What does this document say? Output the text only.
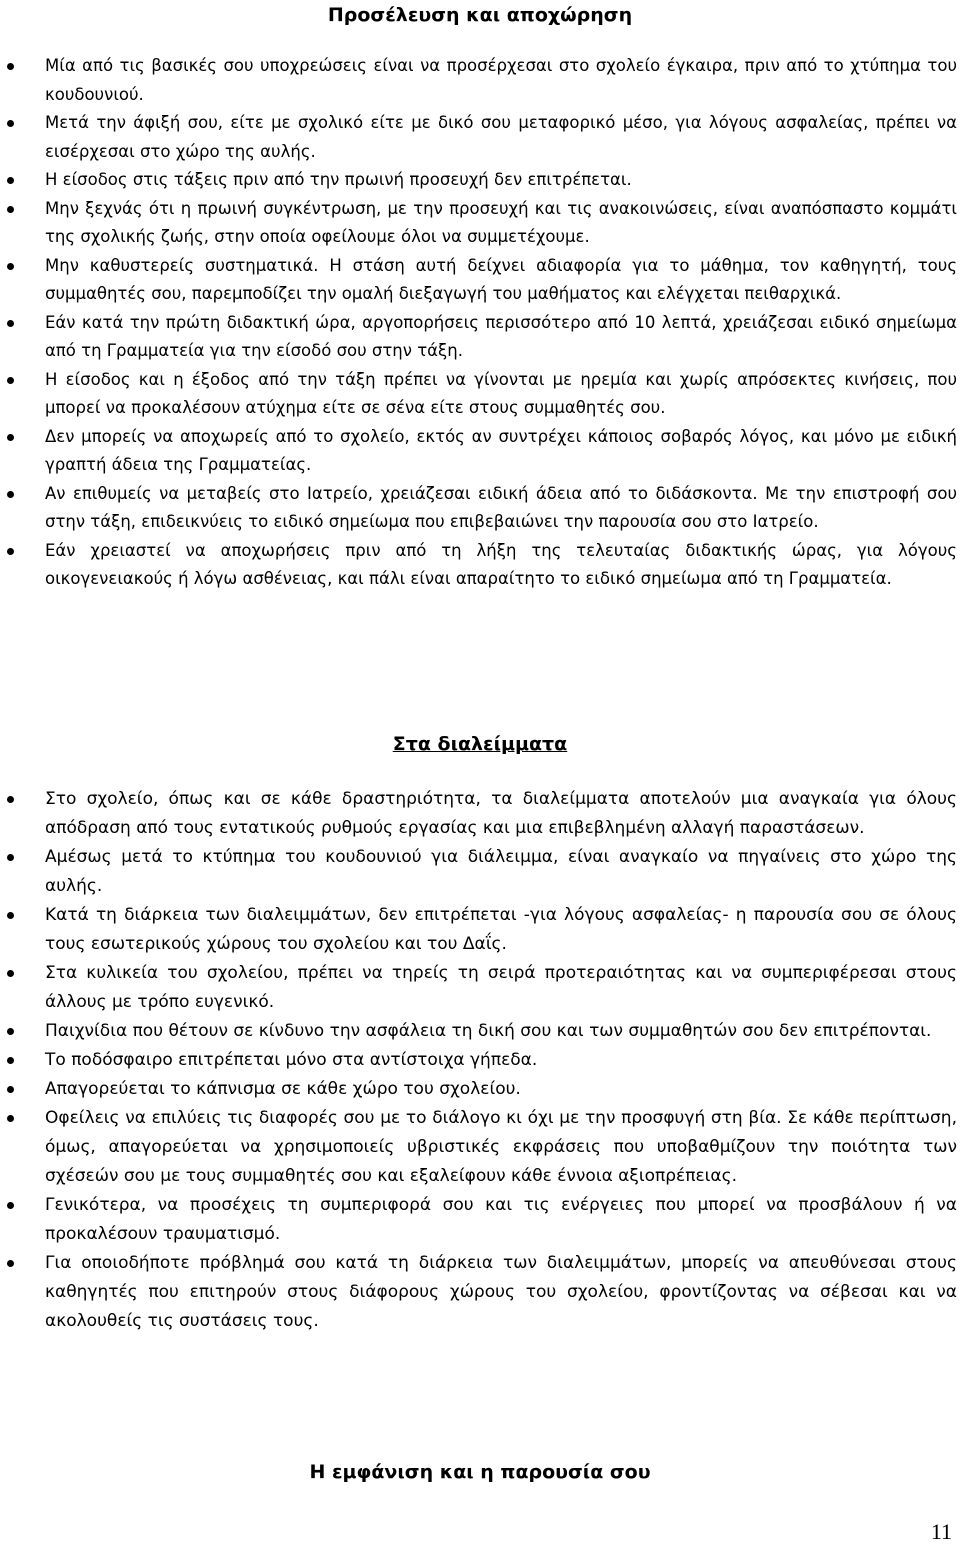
Προσέλευση και αποχώρηση
Μία από τις βασικές σου υποχρεώσεις είναι να προσέρχεσαι στο σχολείο έγκαιρα, πριν από το χτύπημα του κουδουνιού.
Μετά την άφιξή σου, είτε με σχολικό είτε με δικό σου μεταφορικό μέσο, για λόγους ασφαλείας, πρέπει να εισέρχεσαι στο χώρο της αυλής.
Η είσοδος στις τάξεις πριν από την πρωινή προσευχή δεν επιτρέπεται.
Μην ξεχνάς ότι η πρωινή συγκέντρωση, με την προσευχή και τις ανακοινώσεις, είναι αναπόσπαστο κομμάτι της σχολικής ζωής, στην οποία οφείλουμε όλοι να συμμετέχουμε.
Μην καθυστερείς συστηματικά. Η στάση αυτή δείχνει αδιαφορία για το μάθημα, τον καθηγητή, τους συμμαθητές σου, παρεμποδίζει την ομαλή διεξαγωγή του μαθήματος και ελέγχεται πειθαρχικά.
Εάν κατά την πρώτη διδακτική ώρα, αργοπορήσεις περισσότερο από 10 λεπτά, χρειάζεσαι ειδικό σημείωμα από τη Γραμματεία για την είσοδό σου στην τάξη.
Η είσοδος και η έξοδος από την τάξη πρέπει να γίνονται με ηρεμία και χωρίς απρόσεκτες κινήσεις, που μπορεί να προκαλέσουν ατύχημα είτε σε σένα είτε στους συμμαθητές σου.
Δεν μπορείς να αποχωρείς από το σχολείο, εκτός αν συντρέχει κάποιος σοβαρός λόγος, και μόνο με ειδική γραπτή άδεια της Γραμματείας.
Αν επιθυμείς να μεταβείς στο Ιατρείο, χρειάζεσαι ειδική άδεια από το διδάσκοντα. Με την επιστροφή σου στην τάξη, επιδεικνύεις το ειδικό σημείωμα που επιβεβαιώνει την παρουσία σου στο Ιατρείο.
Εάν χρειαστεί να αποχωρήσεις πριν από τη λήξη της τελευταίας διδακτικής ώρας, για λόγους οικογενειακούς ή λόγω ασθένειας, και πάλι είναι απαραίτητο το ειδικό σημείωμα από τη Γραμματεία.
Στα διαλείμματα
Στο σχολείο, όπως και σε κάθε δραστηριότητα, τα διαλείμματα αποτελούν μια αναγκαία για όλους απόδραση από τους εντατικούς ρυθμούς εργασίας και μια επιβεβλημένη αλλαγή παραστάσεων.
Αμέσως μετά το κτύπημα του κουδουνιού για διάλειμμα, είναι αναγκαίο να πηγαίνεις στο χώρο της αυλής.
Κατά τη διάρκεια των διαλειμμάτων, δεν επιτρέπεται -για λόγους ασφαλείας- η παρουσία σου σε όλους τους εσωτερικούς χώρους του σχολείου και του Δαΐς.
Στα κυλικεία του σχολείου, πρέπει να τηρείς τη σειρά προτεραιότητας και να συμπεριφέρεσαι στους άλλους με τρόπο ευγενικό.
Παιχνίδια που θέτουν σε κίνδυνο την ασφάλεια τη δική σου και των συμμαθητών σου δεν επιτρέπονται.
Το ποδόσφαιρο επιτρέπεται μόνο στα αντίστοιχα γήπεδα.
Απαγορεύεται το κάπνισμα σε κάθε χώρο του σχολείου.
Οφείλεις να επιλύεις τις διαφορές σου με το διάλογο κι όχι με την προσφυγή στη βία. Σε κάθε περίπτωση, όμως, απαγορεύεται να χρησιμοποιείς υβριστικές εκφράσεις που υποβαθμίζουν την ποιότητα των σχέσεών σου με τους συμμαθητές σου και εξαλείφουν κάθε έννοια αξιοπρέπειας.
Γενικότερα, να προσέχεις τη συμπεριφορά σου και τις ενέργειες που μπορεί να προσβάλουν ή να προκαλέσουν τραυματισμό.
Για οποιοδήποτε πρόβλημά σου κατά τη διάρκεια των διαλειμμάτων, μπορείς να απευθύνεσαι στους καθηγητές που επιτηρούν στους διάφορους χώρους του σχολείου, φροντίζοντας να σέβεσαι και να ακολουθείς τις συστάσεις τους.
Η εμφάνιση και η παρουσία σου
11
